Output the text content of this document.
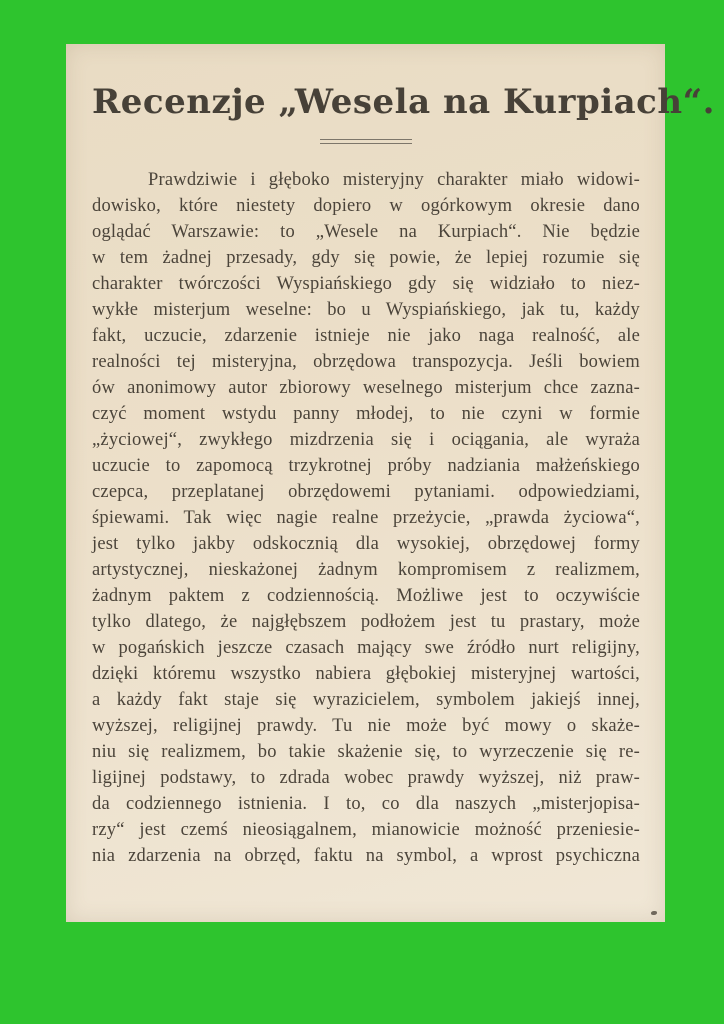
Recenzje „Wesela na Kurpiach“.
Prawdziwie i głęboko misteryjny charakter miało widowi-
dowisko, które niestety dopiero w ogórkowym okresie dano
oglądać Warszawie: to „Wesele na Kurpiach“. Nie będzie
w tem żadnej przesady, gdy się powie, że lepiej rozumie się
charakter twórczości Wyspiańskiego gdy się widziało to niez-
wykłe misterjum weselne: bo u Wyspiańskiego, jak tu, każdy
fakt, uczucie, zdarzenie istnieje nie jako naga realność, ale
realności tej misteryjna, obrzędowa transpozycja. Jeśli bowiem
ów anonimowy autor zbiorowy weselnego misterjum chce zazna-
czyć moment wstydu panny młodej, to nie czyni w formie
„życiowej“, zwykłego mizdrzenia się i ociągania, ale wyraża
uczucie to zapomocą trzykrotnej próby nadziania małżeńskiego
czepca, przeplatanej obrzędowemi pytaniami. odpowiedziami,
śpiewami. Tak więc nagie realne przeżycie, „prawda życiowa“,
jest tylko jakby odskocznią dla wysokiej, obrzędowej formy
artystycznej, nieskażonej żadnym kompromisem z realizmem,
żadnym paktem z codziennością. Możliwe jest to oczywiście
tylko dlatego, że najgłębszem podłożem jest tu prastary, może
w pogańskich jeszcze czasach mający swe źródło nurt religijny,
dzięki któremu wszystko nabiera głębokiej misteryjnej wartości,
a każdy fakt staje się wyrazicielem, symbolem jakiejś innej,
wyższej, religijnej prawdy. Tu nie może być mowy o skaże-
niu się realizmem, bo takie skażenie się, to wyrzeczenie się re-
ligijnej podstawy, to zdrada wobec prawdy wyższej, niż praw-
da codziennego istnienia. I to, co dla naszych „misterjopisa-
rzy“ jest czemś nieosiągalnem, mianowicie możność przeniesie-
nia zdarzenia na obrzęd, faktu na symbol, a wprost psychiczna
